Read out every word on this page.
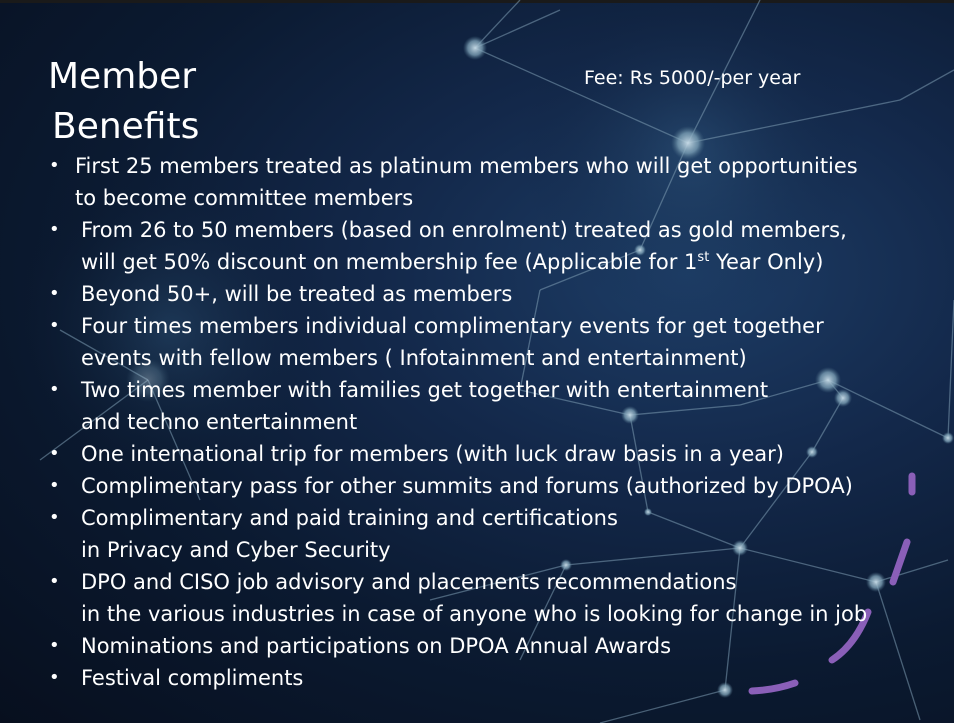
Member
Benefits
Fee: Rs 5000/-per year
• First 25 members treated as platinum members who will get opportunities
to become committee members
• From 26 to 50 members (based on enrolment) treated as gold members,
will get 50% discount on membership fee (Applicable for 1st Year Only)
• Beyond 50+, will be treated as members
• Four times members individual complimentary events for get together
events with fellow members ( Infotainment and entertainment)
• Two times member with families get together with entertainment
and techno entertainment
• One international trip for members (with luck draw basis in a year)
• Complimentary pass for other summits and forums (authorized by DPOA)
• Complimentary and paid training and certifications
in Privacy and Cyber Security
• DPO and CISO job advisory and placements recommendations
in the various industries in case of anyone who is looking for change in job
• Nominations and participations on DPOA Annual Awards
• Festival compliments
